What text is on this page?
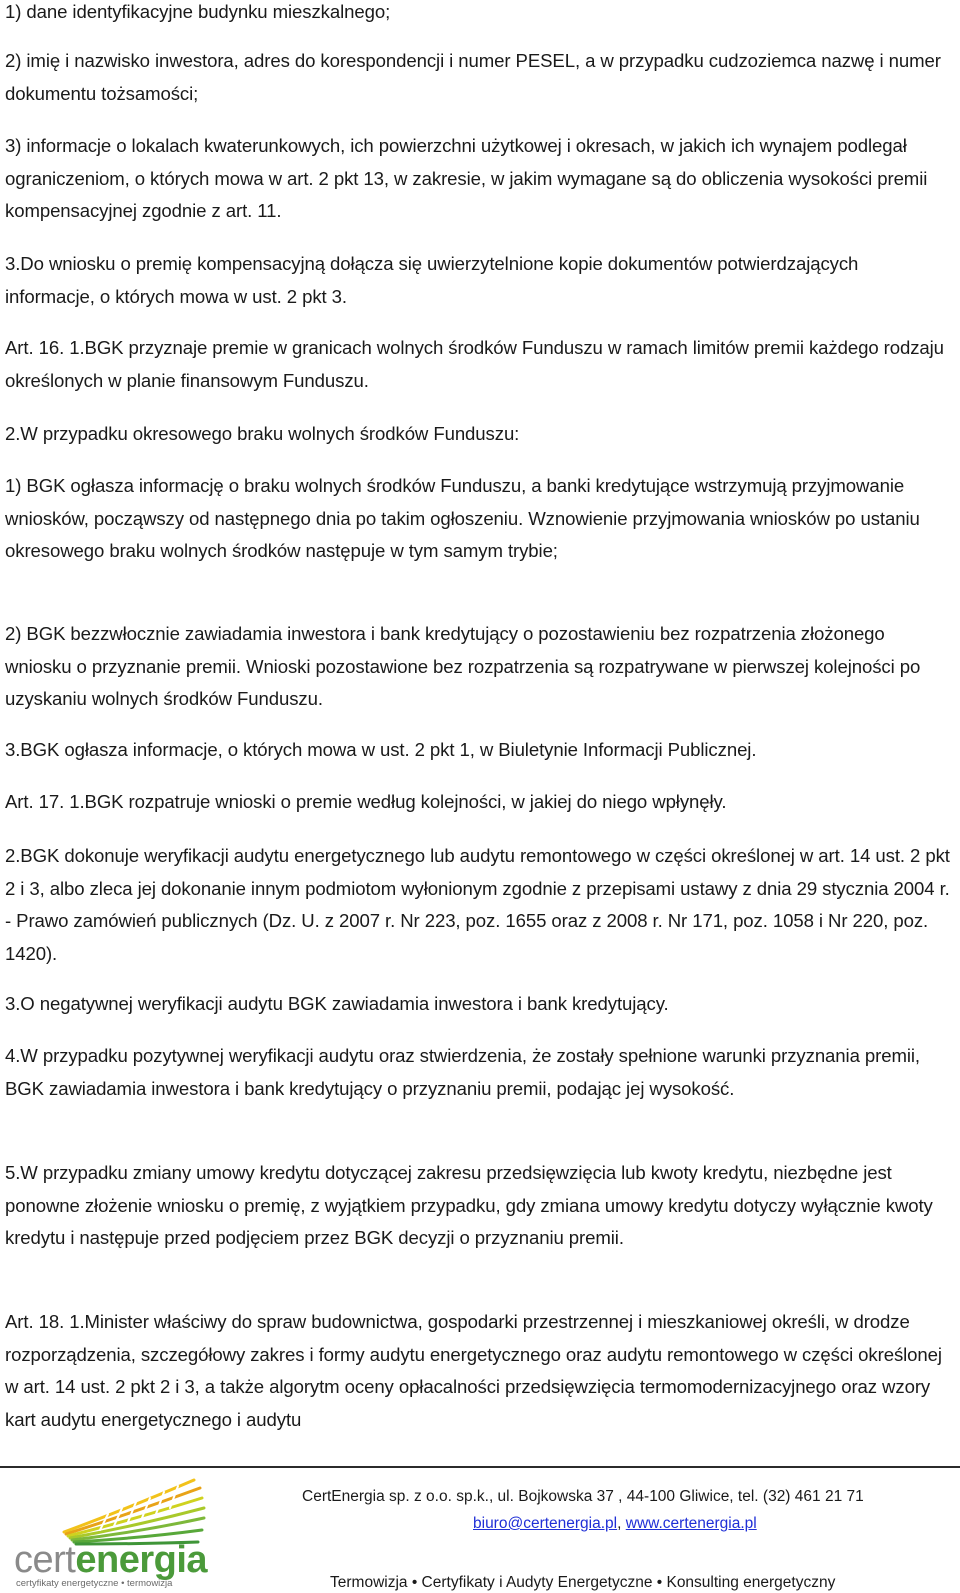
1) dane identyfikacyjne budynku mieszkalnego;

2) imię i nazwisko inwestora, adres do korespondencji i numer PESEL, a w przypadku cudzoziemca nazwę i numer dokumentu tożsamości;

3) informacje o lokalach kwaterunkowych, ich powierzchni użytkowej i okresach, w jakich ich wynajem podlegał ograniczeniom, o których mowa w art. 2 pkt 13, w zakresie, w jakim wymagane są do obliczenia wysokości premii kompensacyjnej zgodnie z art. 11.

3.Do wniosku o premię kompensacyjną dołącza się uwierzytelnione kopie dokumentów potwierdzających informacje, o których mowa w ust. 2 pkt 3.

Art. 16. 1.BGK przyznaje premie w granicach wolnych środków Funduszu w ramach limitów premii każdego rodzaju określonych w planie finansowym Funduszu.

2.W przypadku okresowego braku wolnych środków Funduszu:

1) BGK ogłasza informację o braku wolnych środków Funduszu, a banki kredytujące wstrzymują przyjmowanie wniosków, począwszy od następnego dnia po takim ogłoszeniu. Wznowienie przyjmowania wniosków po ustaniu okresowego braku wolnych środków następuje w tym samym trybie;

2) BGK bezzwłocznie zawiadamia inwestora i bank kredytujący o pozostawieniu bez rozpatrzenia złożonego wniosku o przyznanie premii. Wnioski pozostawione bez rozpatrzenia są rozpatrywane w pierwszej kolejności po uzyskaniu wolnych środków Funduszu.

3.BGK ogłasza informacje, o których mowa w ust. 2 pkt 1, w Biuletynie Informacji Publicznej.

Art. 17. 1.BGK rozpatruje wnioski o premie według kolejności, w jakiej do niego wpłynęły.

2.BGK dokonuje weryfikacji audytu energetycznego lub audytu remontowego w części określonej w art. 14 ust. 2 pkt 2 i 3, albo zleca jej dokonanie innym podmiotom wyłonionym zgodnie z przepisami ustawy z dnia 29 stycznia 2004 r. - Prawo zamówień publicznych (Dz. U. z 2007 r. Nr 223, poz. 1655 oraz z 2008 r. Nr 171, poz. 1058 i Nr 220, poz. 1420).

3.O negatywnej weryfikacji audytu BGK zawiadamia inwestora i bank kredytujący.

4.W przypadku pozytywnej weryfikacji audytu oraz stwierdzenia, że zostały spełnione warunki przyznania premii, BGK zawiadamia inwestora i bank kredytujący o przyznaniu premii, podając jej wysokość.

5.W przypadku zmiany umowy kredytu dotyczącej zakresu przedsięwzięcia lub kwoty kredytu, niezbędne jest ponowne złożenie wniosku o premię, z wyjątkiem przypadku, gdy zmiana umowy kredytu dotyczy wyłącznie kwoty kredytu i następuje przed podjęciem przez BGK decyzji o przyznaniu premii.

Art. 18. 1.Minister właściwy do spraw budownictwa, gospodarki przestrzennej i mieszkaniowej określi, w drodze rozporządzenia, szczegółowy zakres i formy audytu energetycznego oraz audytu remontowego w części określonej w art. 14 ust. 2 pkt 2 i 3, a także algorytm oceny opłacalności przedsięwzięcia termomodernizacyjnego oraz wzory kart audytu energetycznego i audytu

certenergia
certyfikaty energetyczne • termowizja
CertEnergia sp. z o.o. sp.k., ul. Bojkowska 37 , 44-100 Gliwice, tel. (32) 461 21 71
biuro@certenergia.pl, www.certenergia.pl
Termowizja • Certyfikaty i Audyty Energetyczne • Konsulting energetyczny
